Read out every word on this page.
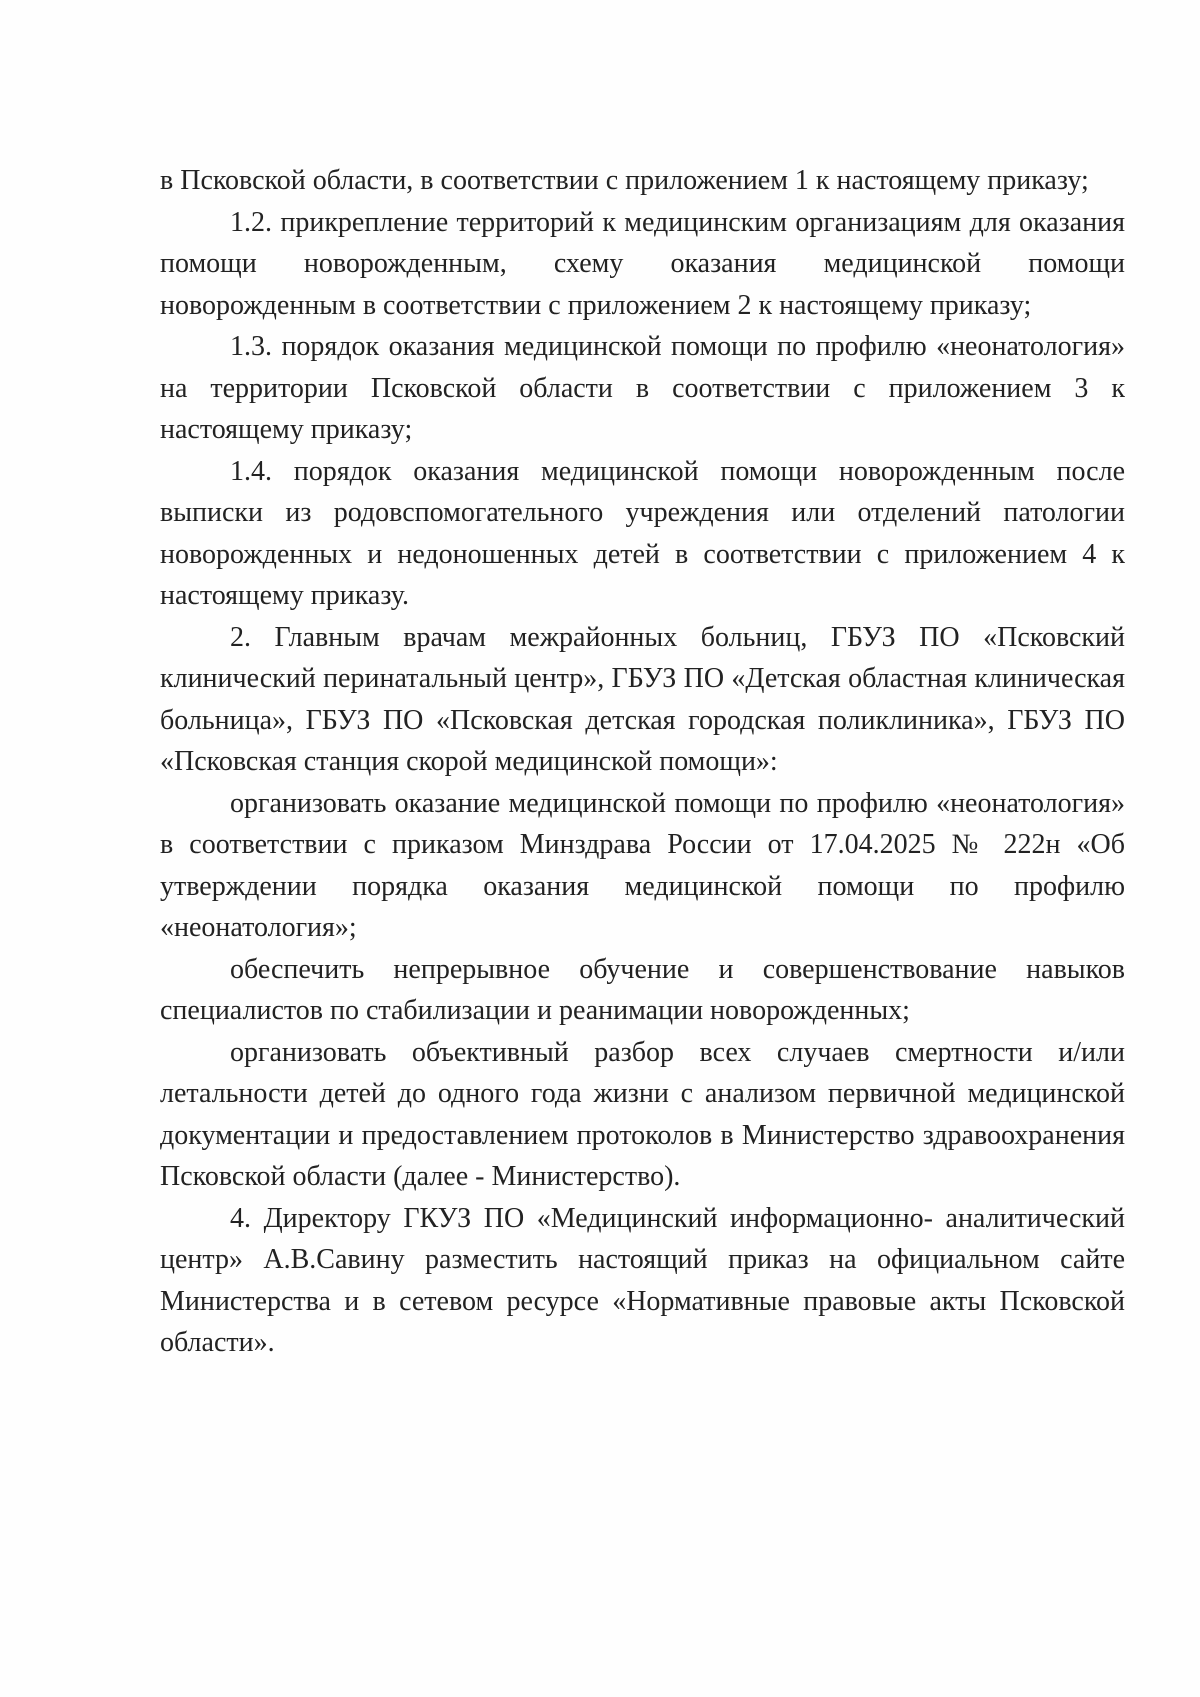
в Псковской области, в соответствии с приложением 1 к настоящему приказу;

1.2. прикрепление территорий к медицинским организациям для оказания помощи новорожденным, схему оказания медицинской помощи новорожденным в соответствии с приложением 2 к настоящему приказу;

1.3. порядок оказания медицинской помощи по профилю «неонатология» на территории Псковской области в соответствии с приложением 3 к настоящему приказу;

1.4. порядок оказания медицинской помощи новорожденным после выписки из родовспомогательного учреждения или отделений патологии новорожденных и недоношенных детей в соответствии с приложением 4 к настоящему приказу.

2. Главным врачам межрайонных больниц, ГБУЗ ПО «Псковский клинический перинатальный центр», ГБУЗ ПО «Детская областная клиническая больница», ГБУЗ ПО «Псковская детская городская поликлиника», ГБУЗ ПО «Псковская станция скорой медицинской помощи»:

организовать оказание медицинской помощи по профилю «неонатология» в соответствии с приказом Минздрава России от 17.04.2025 № 222н «Об утверждении порядка оказания медицинской помощи по профилю «неонатология»;

обеспечить непрерывное обучение и совершенствование навыков специалистов по стабилизации и реанимации новорожденных;

организовать объективный разбор всех случаев смертности и/или летальности детей до одного года жизни с анализом первичной медицинской документации и предоставлением протоколов в Министерство здравоохранения Псковской области (далее - Министерство).

4. Директору ГКУЗ ПО «Медицинский информационно- аналитический центр» А.В.Савину разместить настоящий приказ на официальном сайте Министерства и в сетевом ресурсе «Нормативные правовые акты Псковской области».
